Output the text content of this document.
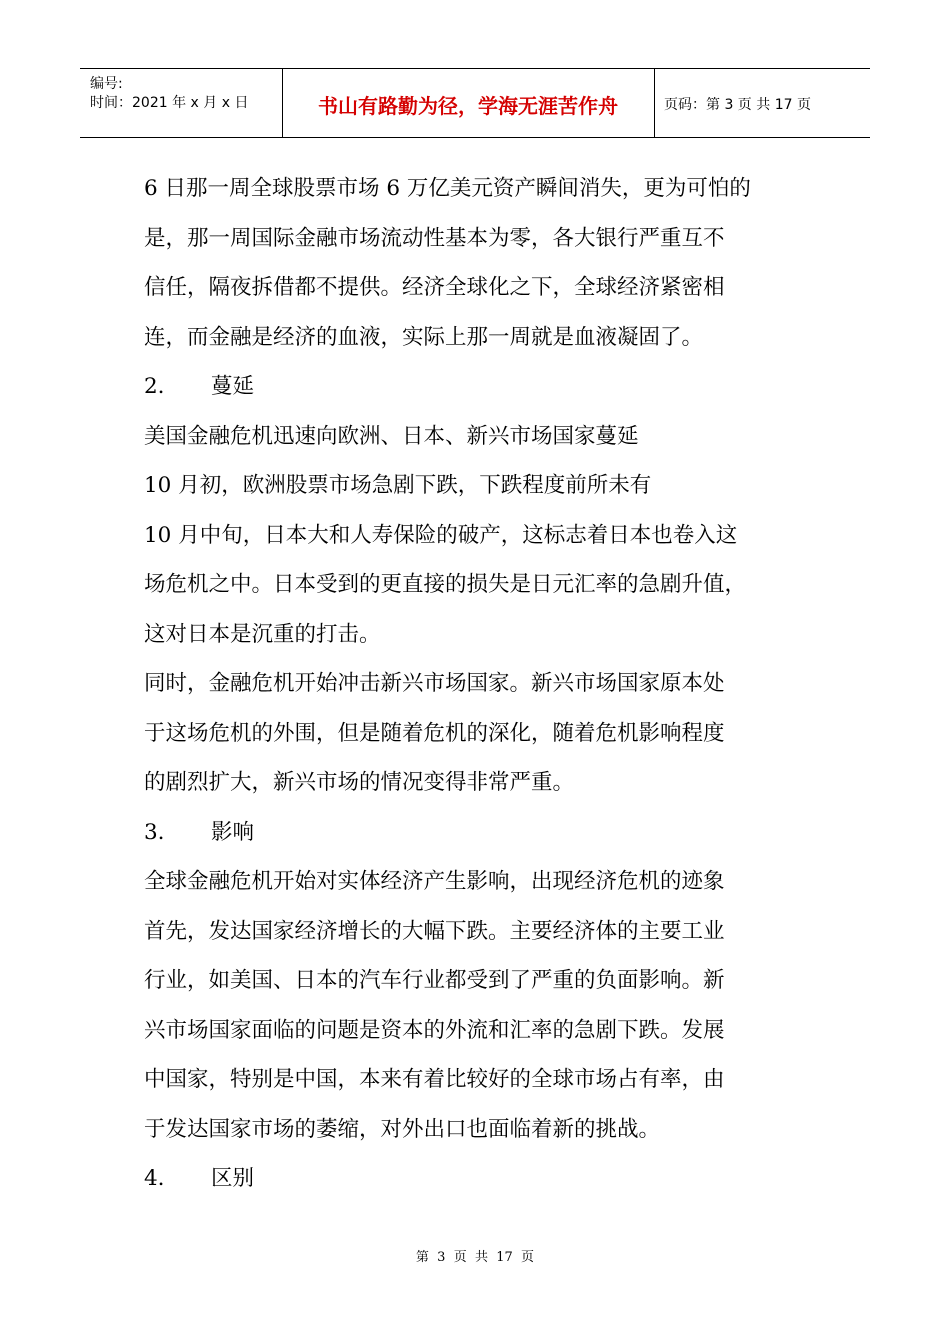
编号:
时间：2021 年 x 月 x 日	书山有路勤为径，学海无涯苦作舟	页码：第 3 页 共 17 页
6 日那一周全球股票市场 6 万亿美元资产瞬间消失，更为可怕的
是，那一周国际金融市场流动性基本为零，各大银行严重互不
信任，隔夜拆借都不提供。经济全球化之下，全球经济紧密相
连，而金融是经济的血液，实际上那一周就是血液凝固了。
2. 蔓延
美国金融危机迅速向欧洲、日本、新兴市场国家蔓延
10 月初，欧洲股票市场急剧下跌，下跌程度前所未有
10 月中旬，日本大和人寿保险的破产，这标志着日本也卷入这
场危机之中。日本受到的更直接的损失是日元汇率的急剧升值，
这对日本是沉重的打击。
同时，金融危机开始冲击新兴市场国家。新兴市场国家原本处
于这场危机的外围，但是随着危机的深化，随着危机影响程度
的剧烈扩大，新兴市场的情况变得非常严重。
3. 影响
全球金融危机开始对实体经济产生影响，出现经济危机的迹象
首先，发达国家经济增长的大幅下跌。主要经济体的主要工业
行业，如美国、日本的汽车行业都受到了严重的负面影响。新
兴市场国家面临的问题是资本的外流和汇率的急剧下跌。发展
中国家，特别是中国，本来有着比较好的全球市场占有率，由
于发达国家市场的萎缩，对外出口也面临着新的挑战。
4. 区别
第  3  页  共  17  页
